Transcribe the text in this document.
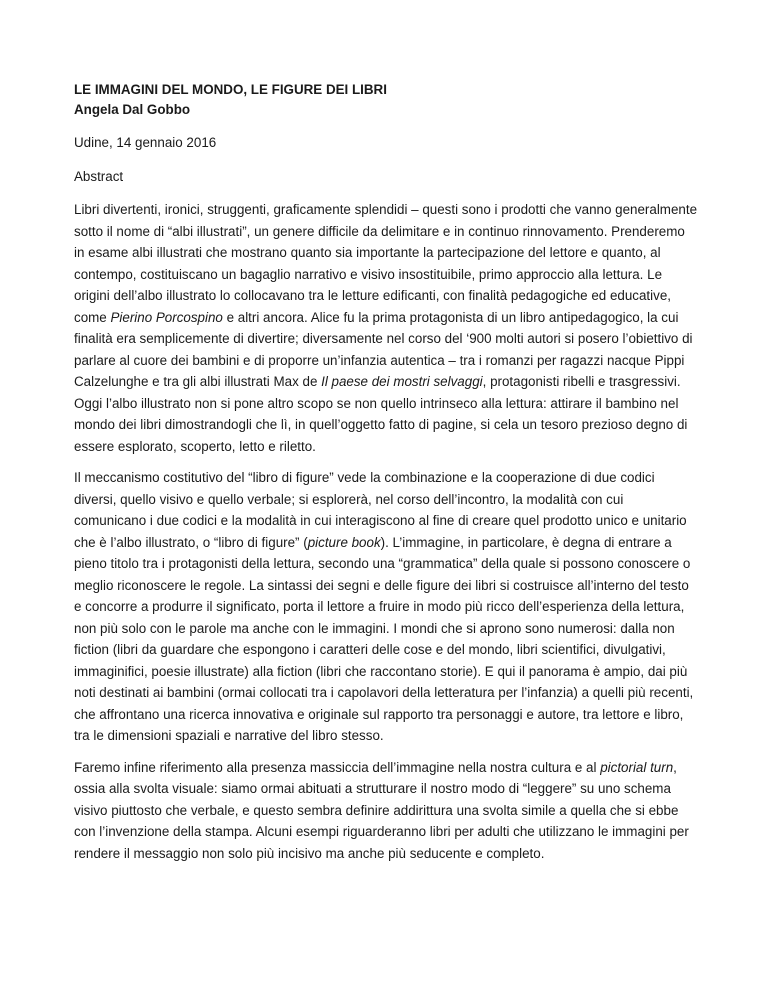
LE IMMAGINI DEL MONDO, LE FIGURE DEI LIBRI
Angela Dal Gobbo

Udine, 14 gennaio 2016

Abstract

Libri divertenti, ironici, struggenti, graficamente splendidi – questi sono i prodotti che vanno generalmente sotto il nome di “albi illustrati”, un genere difficile da delimitare e in continuo rinnovamento. Prenderemo in esame albi illustrati che mostrano quanto sia importante la partecipazione del lettore e quanto, al contempo, costituiscano un bagaglio narrativo e visivo insostituibile, primo approccio alla lettura. Le origini dell’albo illustrato lo collocavano tra le letture edificanti, con finalità pedagogiche ed educative, come Pierino Porcospino e altri ancora. Alice fu la prima protagonista di un libro antipedagogico, la cui finalità era semplicemente di divertire; diversamente nel corso del ‘900 molti autori si posero l’obiettivo di parlare al cuore dei bambini e di proporre un’infanzia autentica – tra i romanzi per ragazzi nacque Pippi Calzelunghe e tra gli albi illustrati Max de Il paese dei mostri selvaggi, protagonisti ribelli e trasgressivi. Oggi l’albo illustrato non si pone altro scopo se non quello intrinseco alla lettura: attirare il bambino nel mondo dei libri dimostrandogli che lì, in quell’oggetto fatto di pagine, si cela un tesoro prezioso degno di essere esplorato, scoperto, letto e riletto.

Il meccanismo costitutivo del “libro di figure” vede la combinazione e la cooperazione di due codici diversi, quello visivo e quello verbale; si esplorerà, nel corso dell’incontro, la modalità con cui comunicano i due codici e la modalità in cui interagiscono al fine di creare quel prodotto unico e unitario che è l’albo illustrato, o “libro di figure” (picture book). L’immagine, in particolare, è degna di entrare a pieno titolo tra i protagonisti della lettura, secondo una “grammatica” della quale si possono conoscere o meglio riconoscere le regole. La sintassi dei segni e delle figure dei libri si costruisce all’interno del testo e concorre a produrre il significato, porta il lettore a fruire in modo più ricco dell’esperienza della lettura, non più solo con le parole ma anche con le immagini. I mondi che si aprono sono numerosi: dalla non fiction (libri da guardare che espongono i caratteri delle cose e del mondo, libri scientifici, divulgativi, immaginifici, poesie illustrate) alla fiction (libri che raccontano storie). E qui il panorama è ampio, dai più noti destinati ai bambini (ormai collocati tra i capolavori della letteratura per l’infanzia) a quelli più recenti, che affrontano una ricerca innovativa e originale sul rapporto tra personaggi e autore, tra lettore e libro, tra le dimensioni spaziali e narrative del libro stesso.

Faremo infine riferimento alla presenza massiccia dell’immagine nella nostra cultura e al pictorial turn, ossia alla svolta visuale: siamo ormai abituati a strutturare il nostro modo di “leggere” su uno schema visivo piuttosto che verbale, e questo sembra definire addirittura una svolta simile a quella che si ebbe con l’invenzione della stampa. Alcuni esempi riguarderanno libri per adulti che utilizzano le immagini per rendere il messaggio non solo più incisivo ma anche più seducente e completo.
